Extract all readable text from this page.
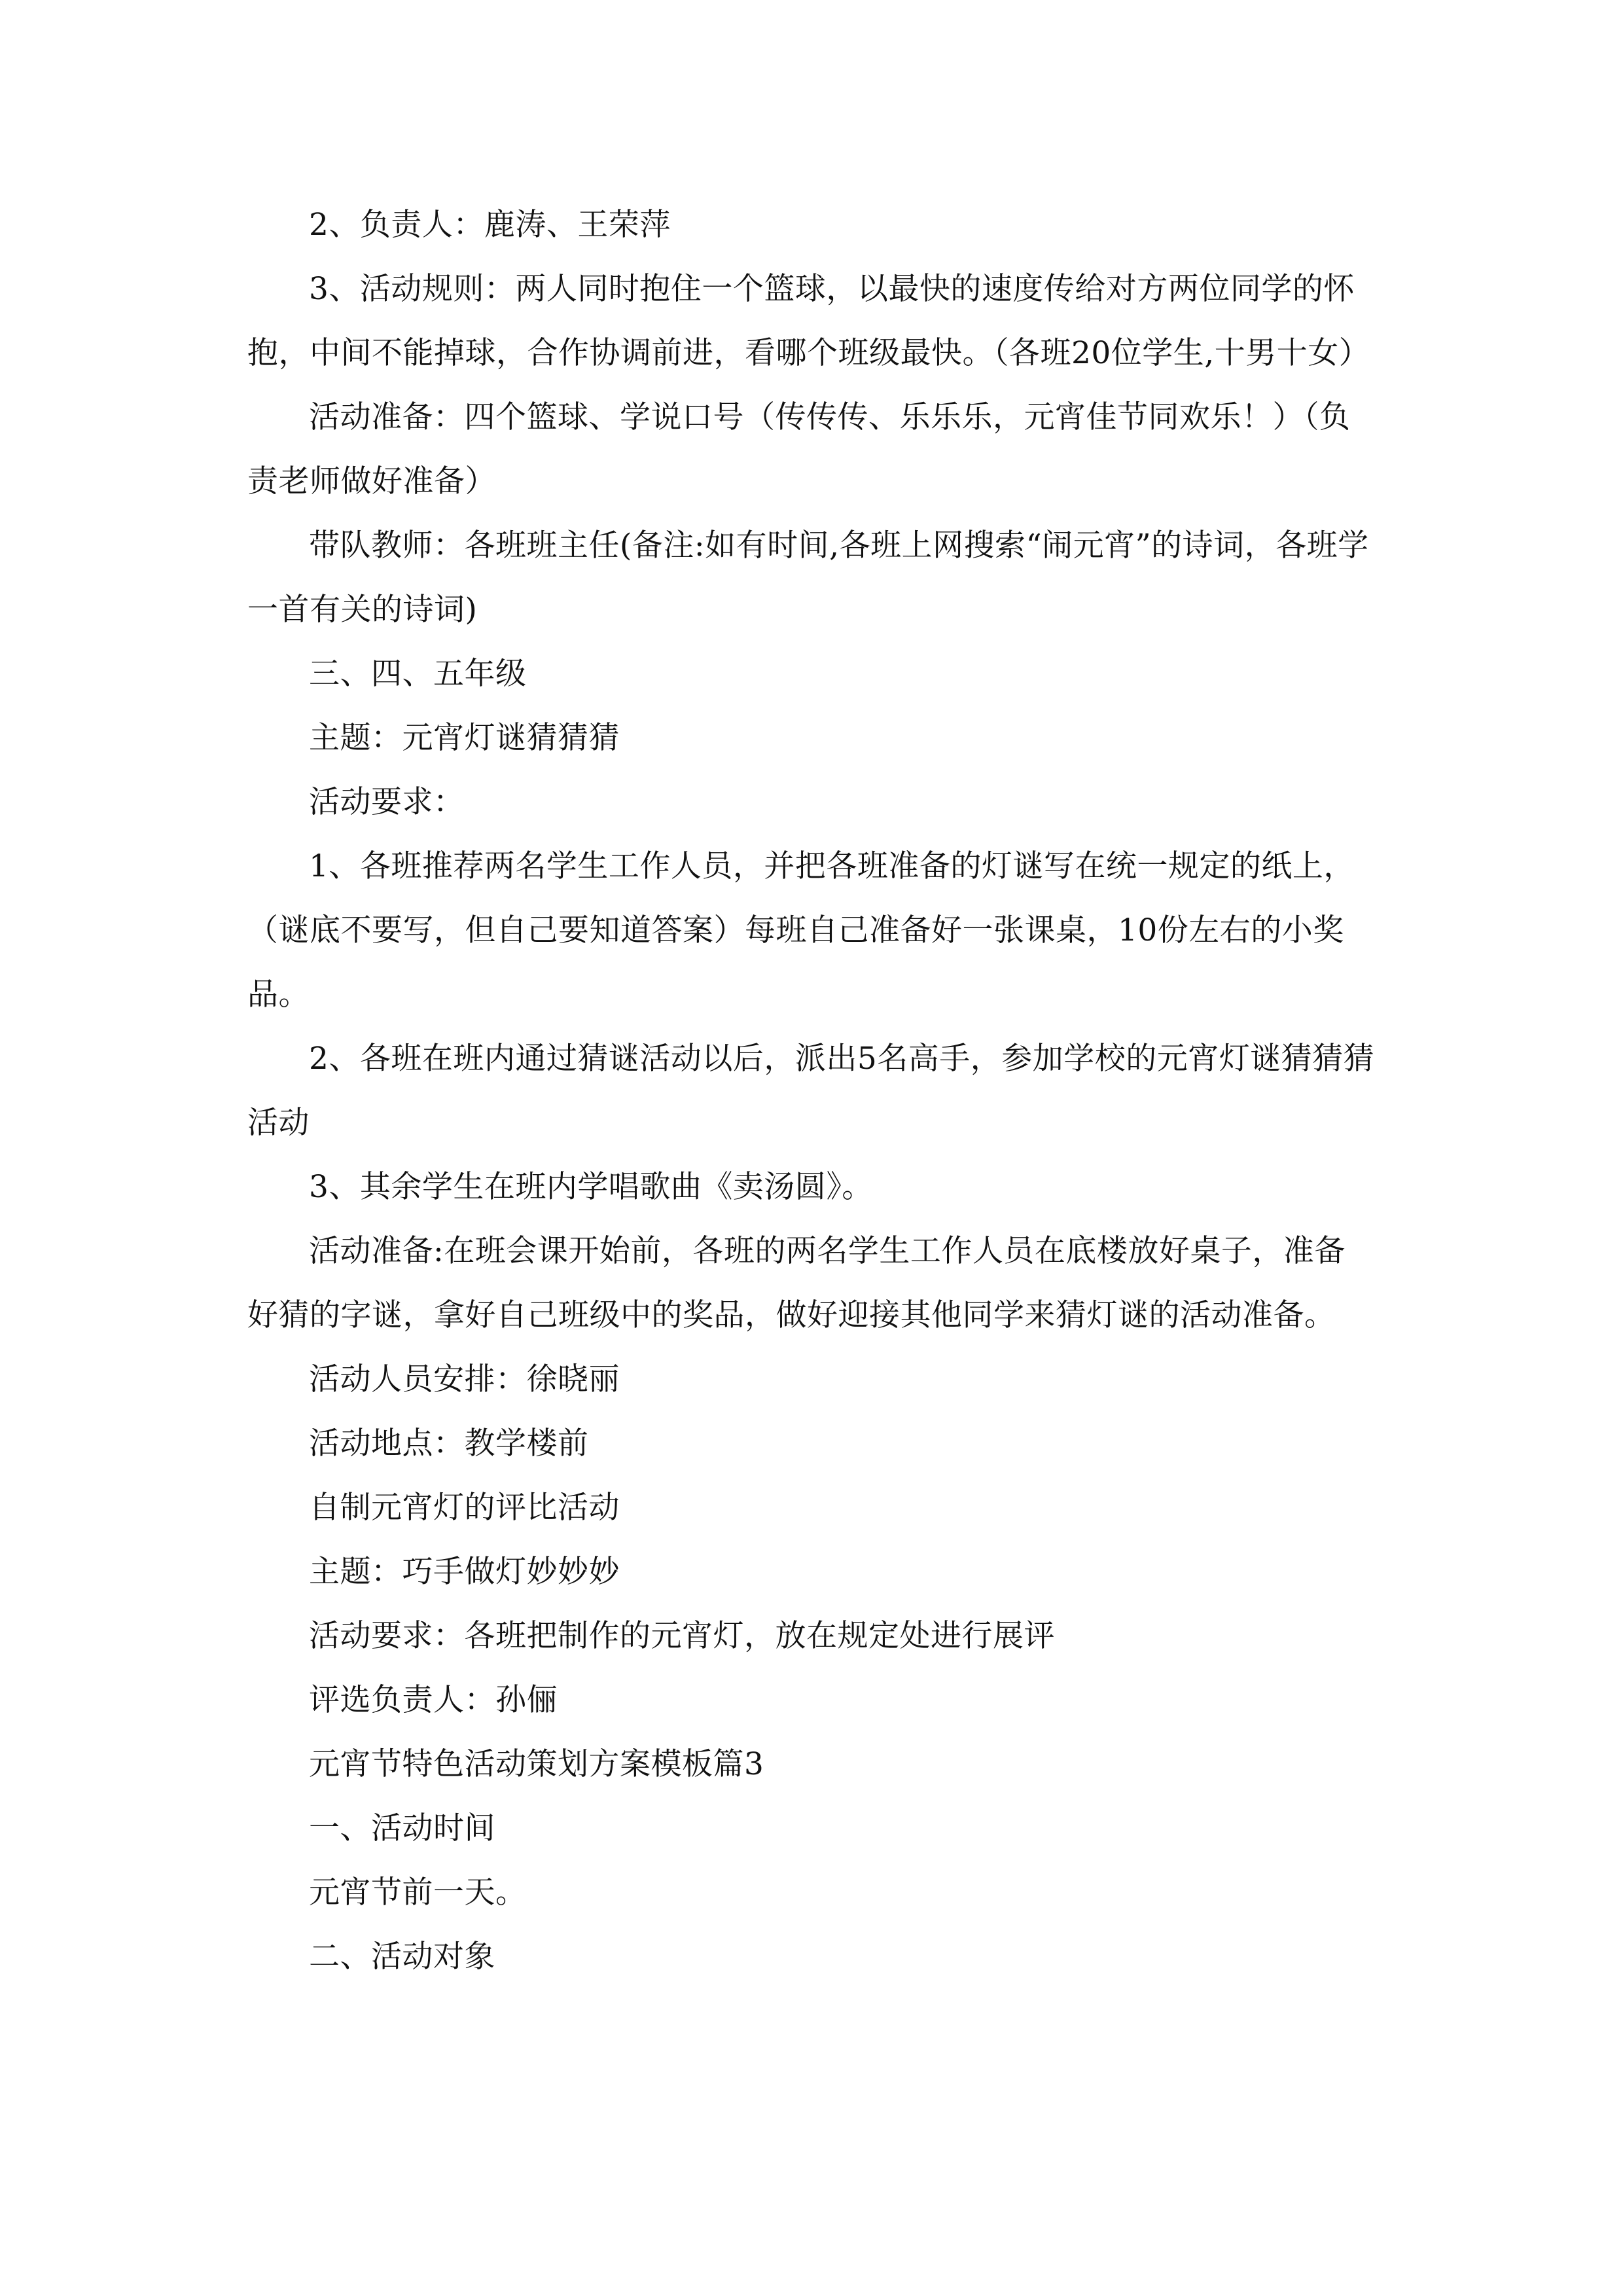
2、负责人：鹿涛、王荣萍

3、活动规则：两人同时抱住一个篮球，以最快的速度传给对方两位同学的怀抱，中间不能掉球，合作协调前进，看哪个班级最快。（各班20位学生,十男十女）

活动准备：四个篮球、学说口号（传传传、乐乐乐，元宵佳节同欢乐！）（负责老师做好准备）

带队教师：各班班主任(备注:如有时间,各班上网搜索“闹元宵”的诗词，各班学一首有关的诗词)

三、四、五年级

主题：元宵灯谜猜猜猜

活动要求：

1、各班推荐两名学生工作人员，并把各班准备的灯谜写在统一规定的纸上，（谜底不要写，但自己要知道答案）每班自己准备好一张课桌，10份左右的小奖品。

2、各班在班内通过猜谜活动以后，派出5名高手，参加学校的元宵灯谜猜猜猜活动

3、其余学生在班内学唱歌曲《卖汤圆》。

活动准备:在班会课开始前，各班的两名学生工作人员在底楼放好桌子，准备好猜的字谜，拿好自己班级中的奖品，做好迎接其他同学来猜灯谜的活动准备。

活动人员安排：徐晓丽

活动地点：教学楼前

自制元宵灯的评比活动

主题：巧手做灯妙妙妙

活动要求：各班把制作的元宵灯，放在规定处进行展评

评选负责人：孙俪

元宵节特色活动策划方案模板篇3

一、活动时间

元宵节前一天。

二、活动对象
